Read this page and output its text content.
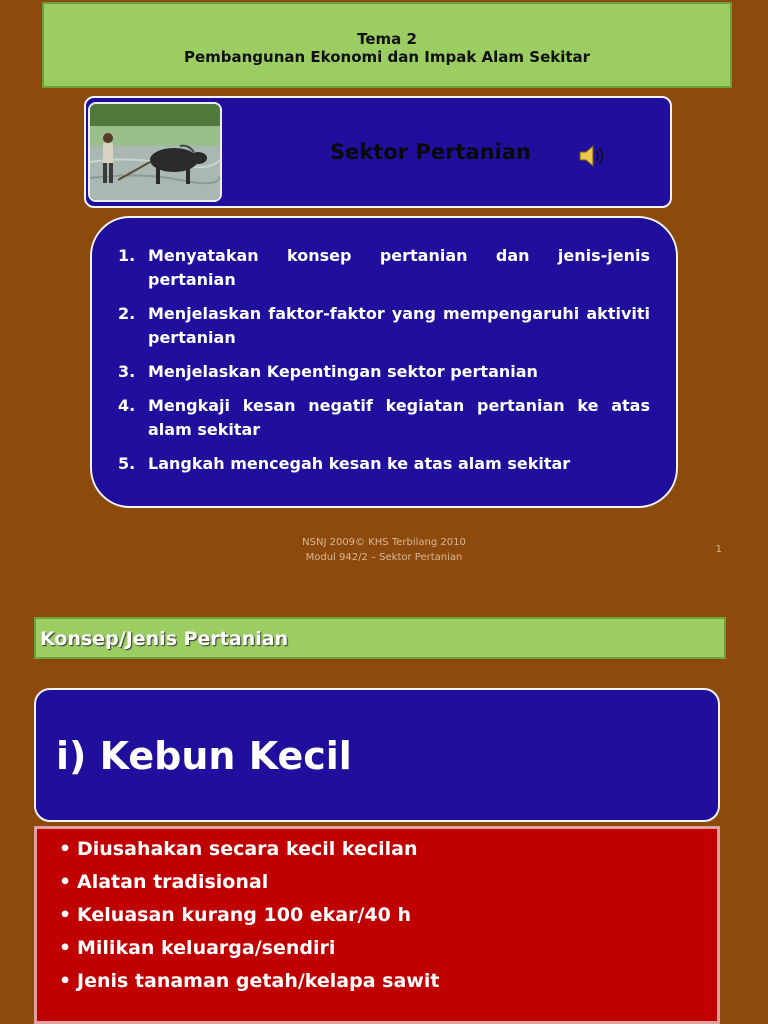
Tema 2
Pembangunan Ekonomi dan Impak Alam Sekitar
Sektor Pertanian
1. Menyatakan konsep pertanian dan jenis-jenis pertanian
2. Menjelaskan faktor-faktor yang mempengaruhi aktiviti pertanian
3. Menjelaskan Kepentingan sektor pertanian
4. Mengkaji kesan negatif kegiatan pertanian ke atas alam sekitar
5. Langkah mencegah kesan ke atas alam sekitar
NSNJ 2009© KHS Terbilang 2010
Modul 942/2 – Sektor Pertanian
1
Konsep/Jenis Pertanian
i) Kebun Kecil
• Diusahakan secara kecil kecilan
• Alatan tradisional
• Keluasan kurang 100 ekar/40 h
• Milikan keluarga/sendiri
• Jenis tanaman getah/kelapa sawit
